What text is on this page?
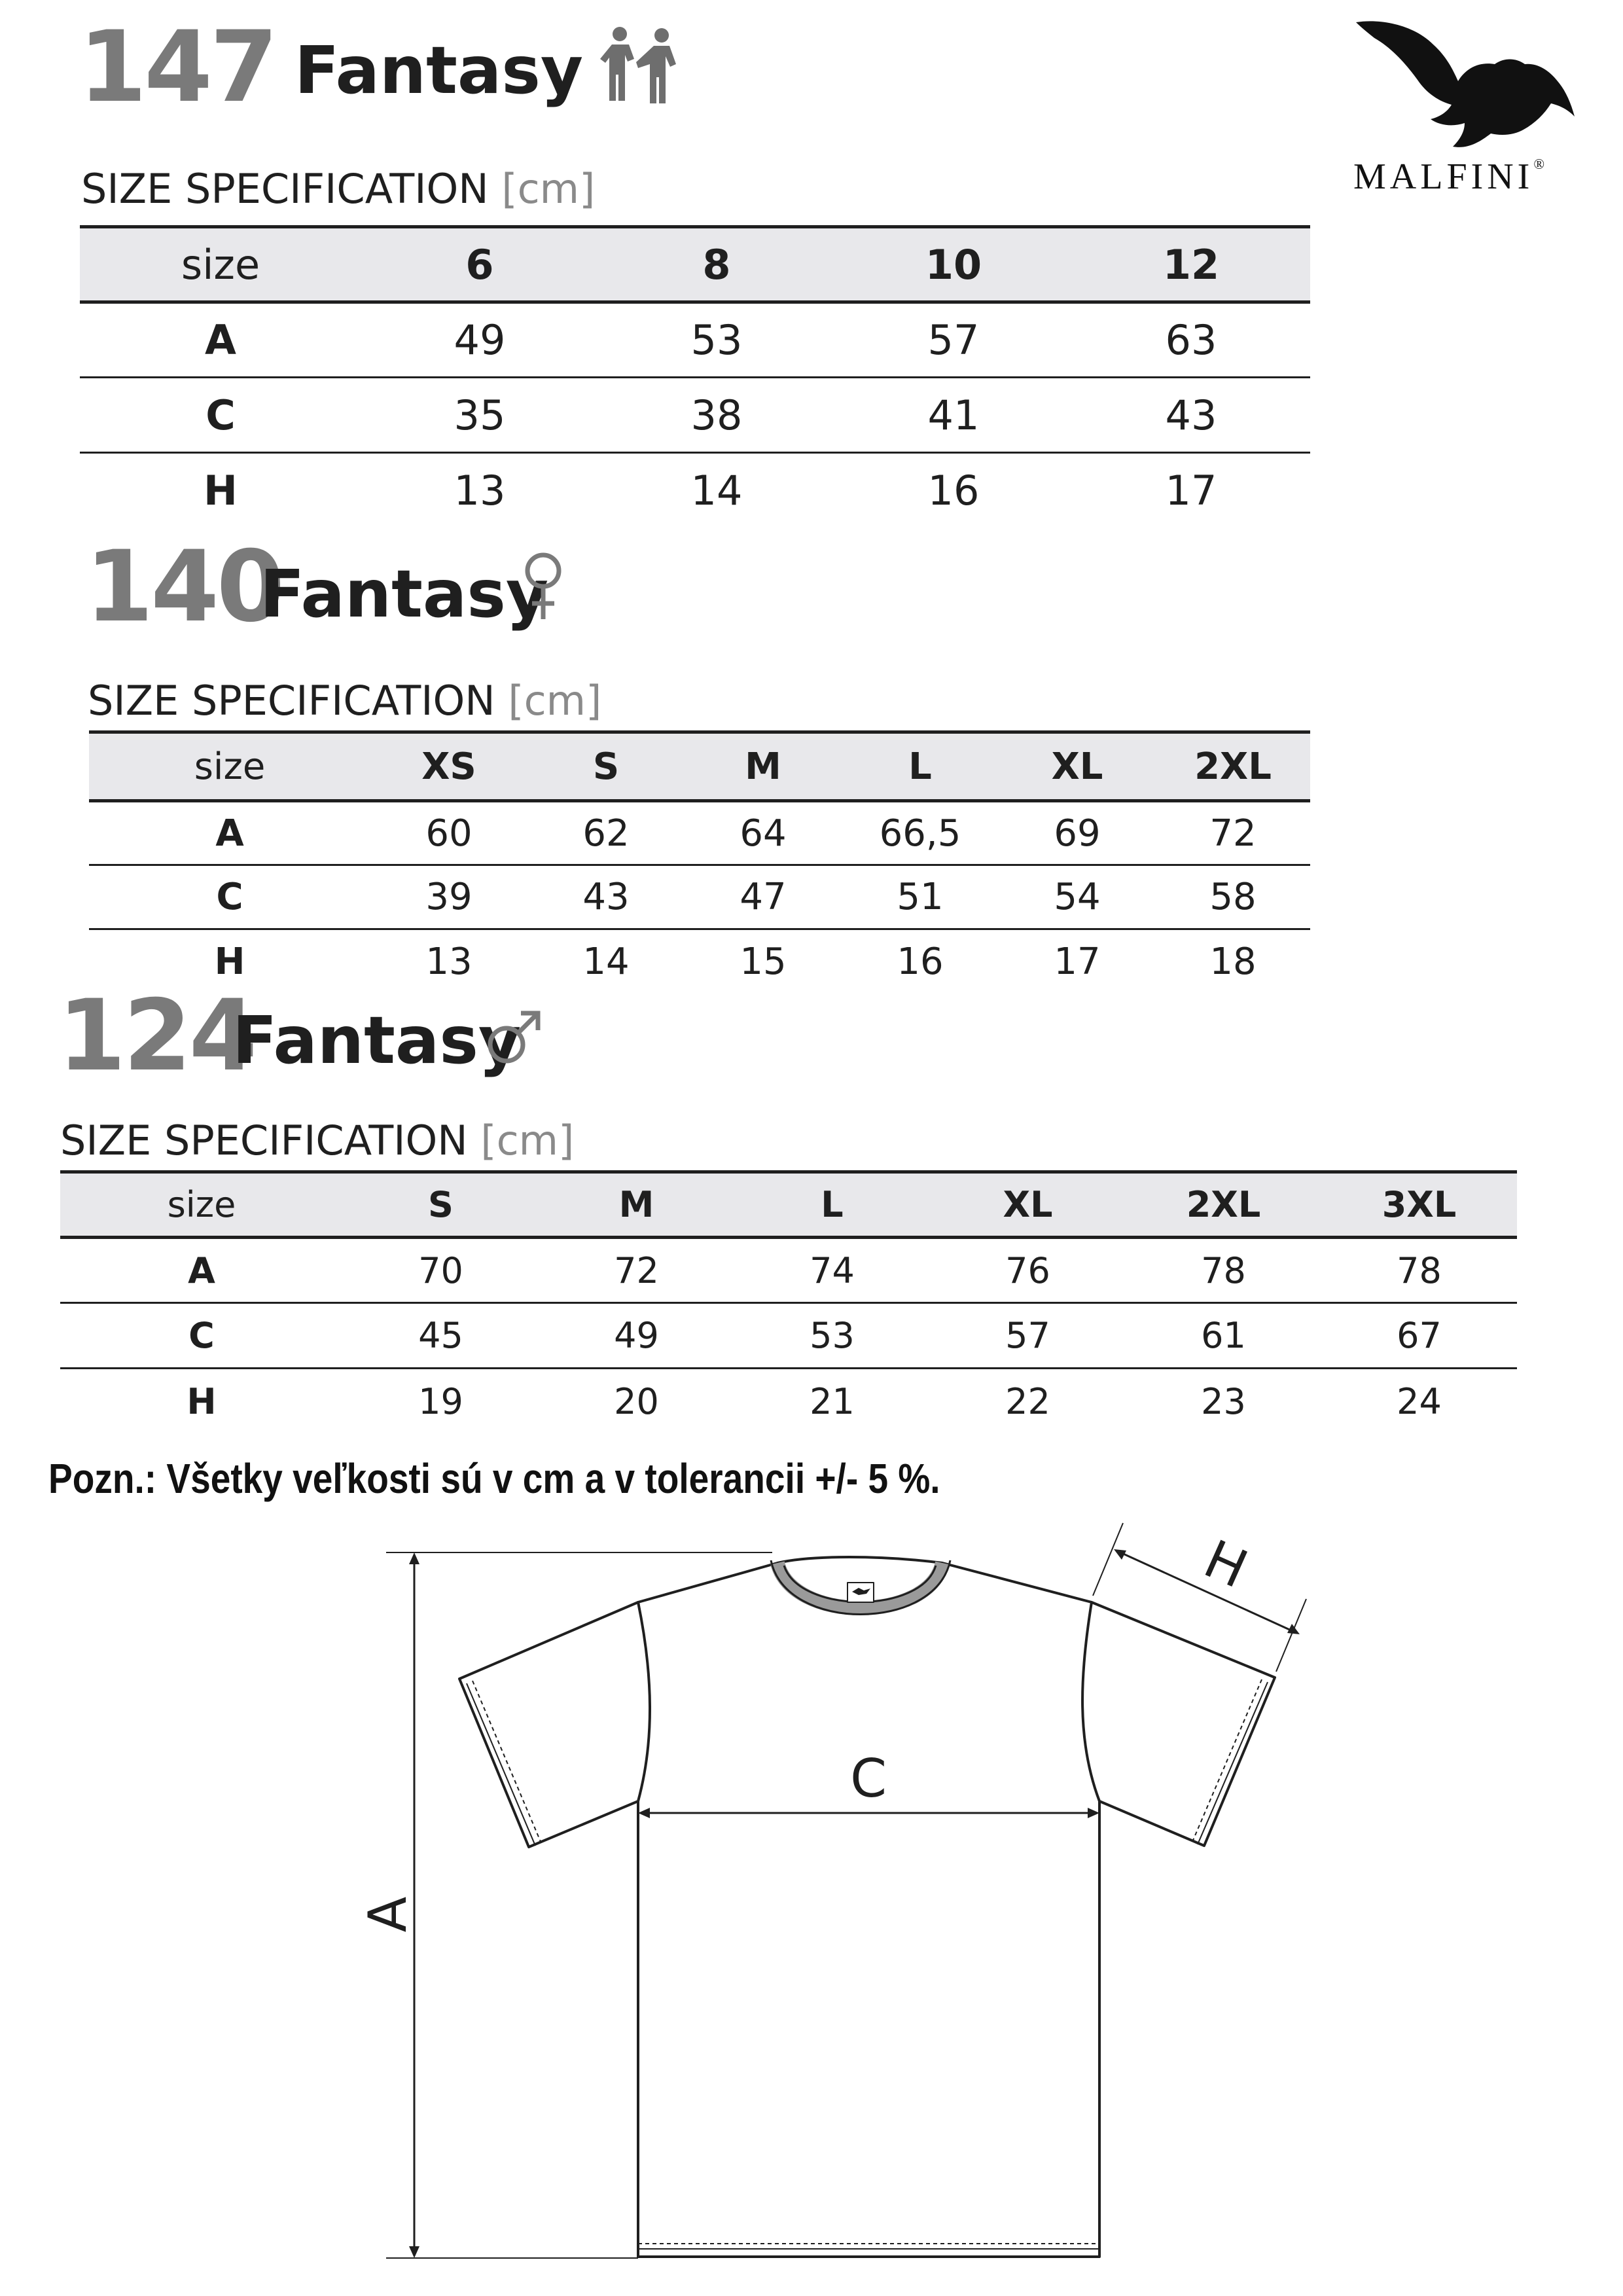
147 Fantasy
SIZE SPECIFICATION [cm]
size	6	8	10	12
A	49	53	57	63
C	35	38	41	43
H	13	14	16	17
140
Fantasy
SIZE SPECIFICATION [cm]
size	XS	S	M	L	XL	2XL
A	60	62	64	66,5	69	72
C	39	43	47	51	54	58
H	13	14	15	16	17	18
124
Fantasy
SIZE SPECIFICATION [cm]
size	S	M	L	XL	2XL	3XL
A	70	72	74	76	78	78
C	45	49	53	57	61	67
H	19	20	21	22	23	24
Pozn.: Všetky veľkosti sú v cm a v tolerancii +/- 5 %.
MALFINI®
C
A
H
